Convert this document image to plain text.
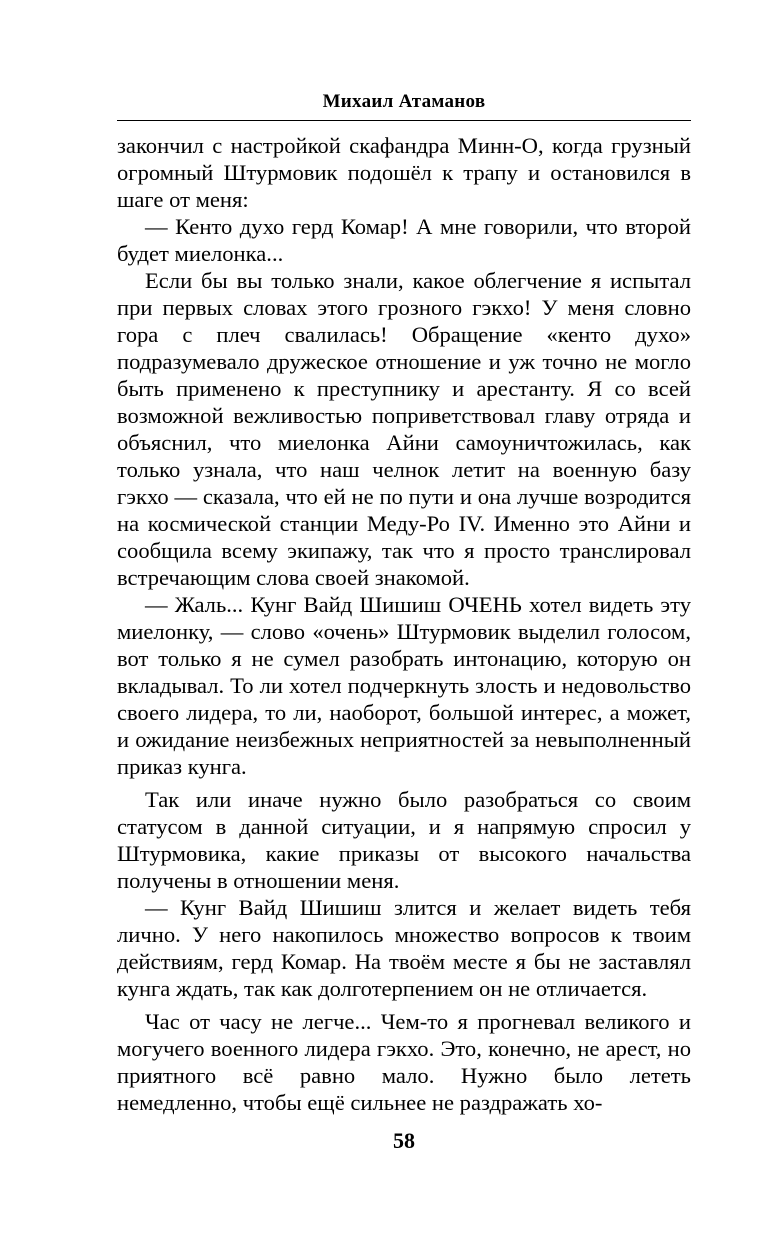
Михаил Атаманов

закончил с настройкой скафандра Минн-О, когда грузный огромный Штурмовик подошёл к трапу и остановился в шаге от меня:

— Кенто духо герд Комар! А мне говорили, что второй будет миелонка...

Если бы вы только знали, какое облегчение я испытал при первых словах этого грозного гэкхо! У меня словно гора с плеч свалилась! Обращение «кенто духо» подразумевало дружеское отношение и уж точно не могло быть применено к преступнику и арестанту. Я со всей возможной вежливостью поприветствовал главу отряда и объяснил, что миелонка Айни самоуничтожилась, как только узнала, что наш челнок летит на военную базу гэкхо — сказала, что ей не по пути и она лучше возродится на космической станции Меду-Ро IV. Именно это Айни и сообщила всему экипажу, так что я просто транслировал встречающим слова своей знакомой.

— Жаль... Кунг Вайд Шишиш ОЧЕНЬ хотел видеть эту миелонку, — слово «очень» Штурмовик выделил голосом, вот только я не сумел разобрать интонацию, которую он вкладывал. То ли хотел подчеркнуть злость и недовольство своего лидера, то ли, наоборот, большой интерес, а может, и ожидание неизбежных неприятностей за невыполненный приказ кунга.

Так или иначе нужно было разобраться со своим статусом в данной ситуации, и я напрямую спросил у Штурмовика, какие приказы от высокого начальства получены в отношении меня.

— Кунг Вайд Шишиш злится и желает видеть тебя лично. У него накопилось множество вопросов к твоим действиям, герд Комар. На твоём месте я бы не заставлял кунга ждать, так как долготерпением он не отличается.

Час от часу не легче... Чем-то я прогневал великого и могучего военного лидера гэкхо. Это, конечно, не арест, но приятного всё равно мало. Нужно было лететь немедленно, чтобы ещё сильнее не раздражать хо-

58
